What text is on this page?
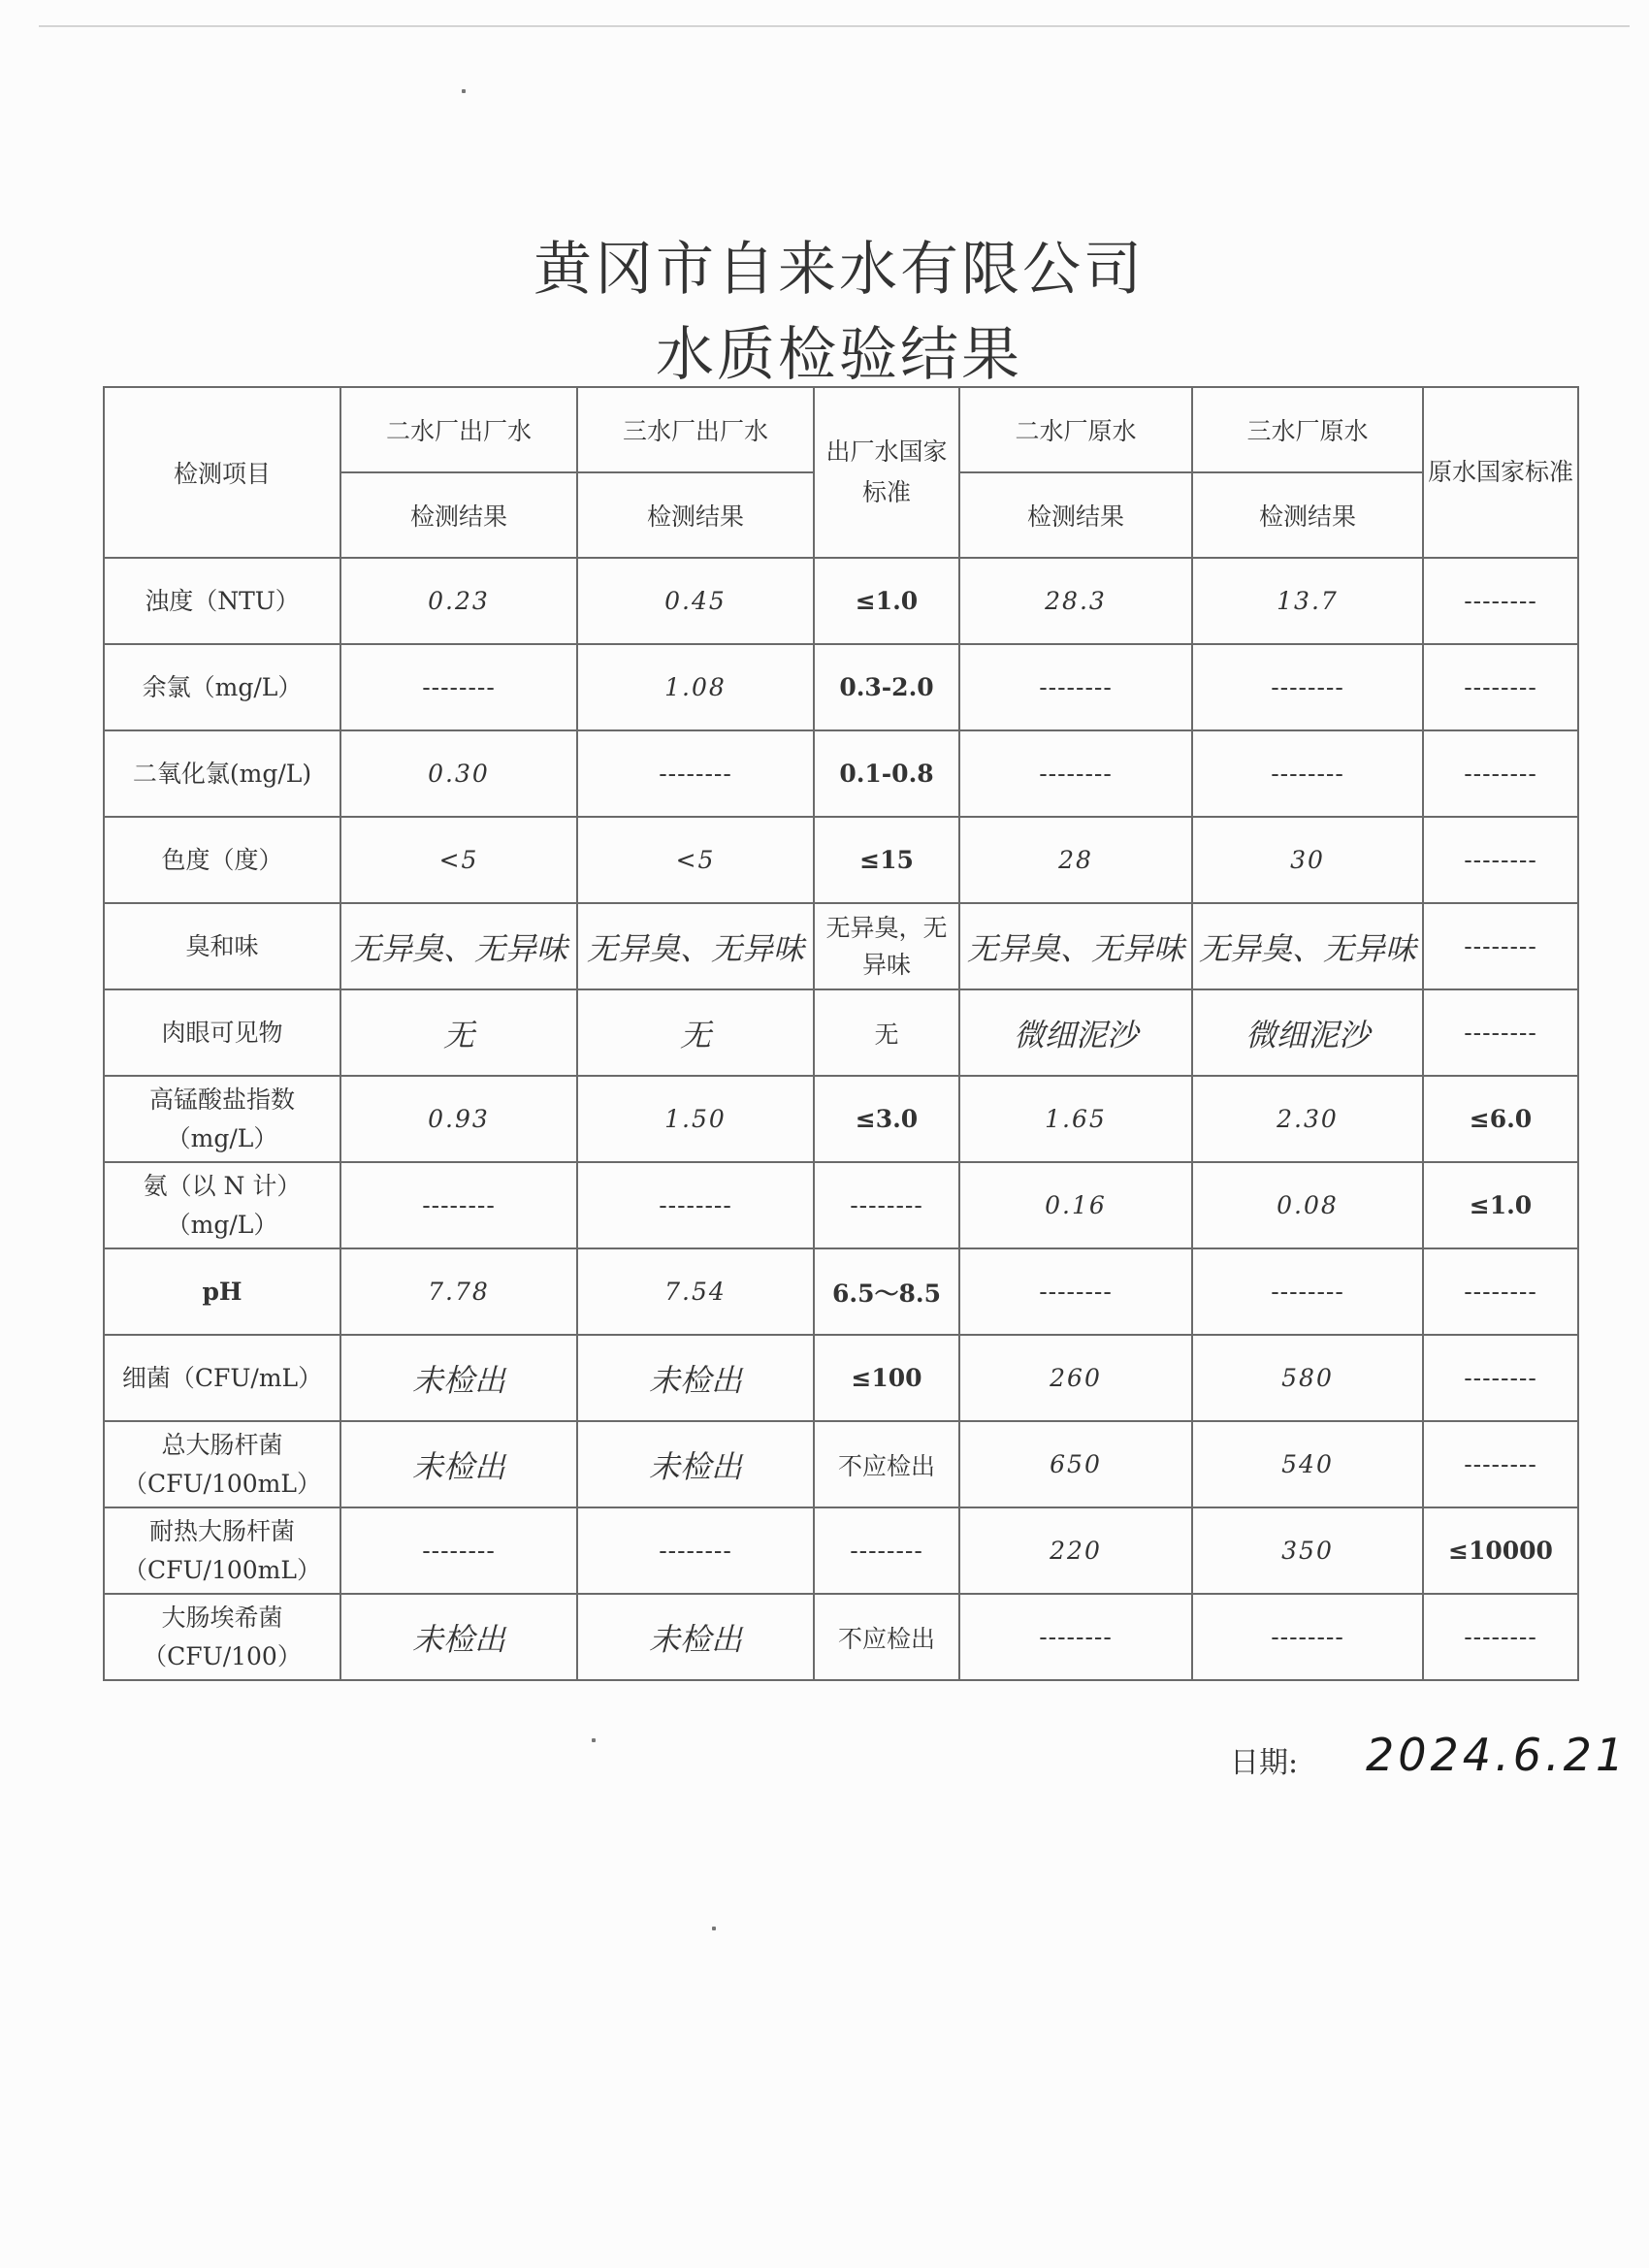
黄冈市自来水有限公司
水质检验结果
检测项目	二水厂出厂水	三水厂出厂水	出厂水国家标准	二水厂原水	三水厂原水	原水国家标准
	检测结果	检测结果		检测结果	检测结果	
浊度（NTU）	0.23	0.45	≤1.0	28.3	13.7	--------
余氯（mg/L）	--------	1.08	0.3-2.0	--------	--------	--------
二氧化氯(mg/L)	0.30	--------	0.1-0.8	--------	--------	--------
色度（度）	<5	<5	≤15	28	30	--------
臭和味	无异臭、无异味	无异臭、无异味	无异臭，无异味	无异臭、无异味	无异臭、无异味	--------
肉眼可见物	无	无	无	微细泥沙	微细泥沙	--------
高锰酸盐指数（mg/L）	0.93	1.50	≤3.0	1.65	2.30	≤6.0
氨（以 N 计）（mg/L）	--------	--------	--------	0.16	0.08	≤1.0
pH	7.78	7.54	6.5～8.5	--------	--------	--------
细菌（CFU/mL）	未检出	未检出	≤100	260	580	--------
总大肠杆菌（CFU/100mL）	未检出	未检出	不应检出	650	540	--------
耐热大肠杆菌（CFU/100mL）	--------	--------	--------	220	350	≤10000
大肠埃希菌（CFU/100）	未检出	未检出	不应检出	--------	--------	--------
日期: 2024.6.21
